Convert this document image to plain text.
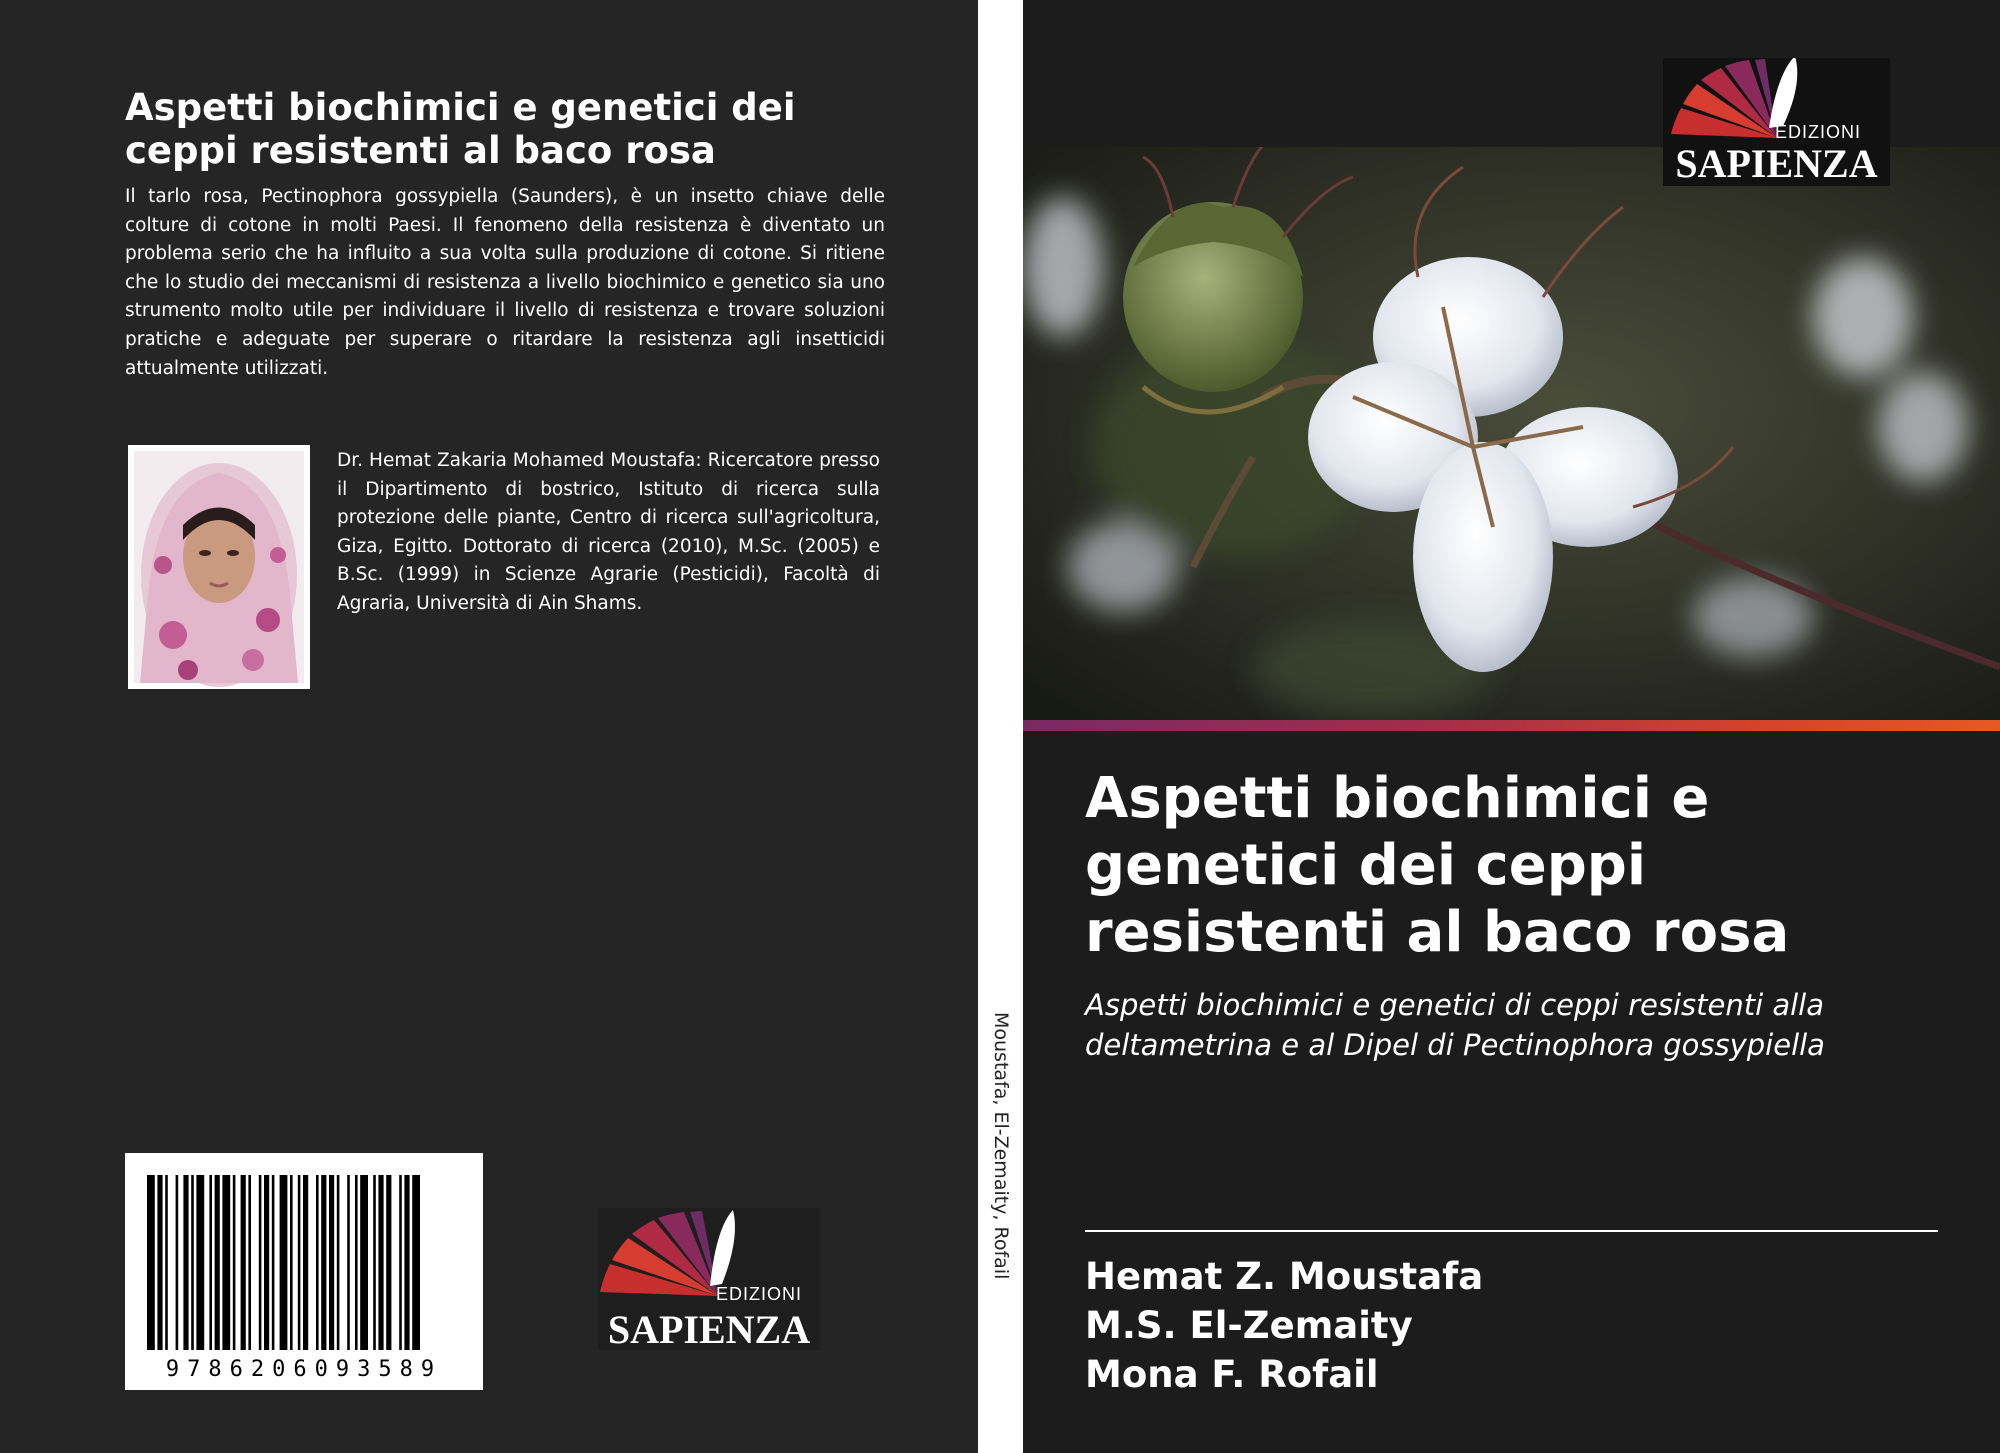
Aspetti biochimici e genetici dei ceppi resistenti al baco rosa

Il tarlo rosa, Pectinophora gossypiella (Saunders), è un insetto chiave delle colture di cotone in molti Paesi. Il fenomeno della resistenza è diventato un problema serio che ha influito a sua volta sulla produzione di cotone. Si ritiene che lo studio dei meccanismi di resistenza a livello biochimico e genetico sia uno strumento molto utile per individuare il livello di resistenza e trovare soluzioni pratiche e adeguate per superare o ritardare la resistenza agli insetticidi attualmente utilizzati.

Dr. Hemat Zakaria Mohamed Moustafa: Ricercatore presso il Dipartimento di bostrico, Istituto di ricerca sulla protezione delle piante, Centro di ricerca sull'agricoltura, Giza, Egitto. Dottorato di ricerca (2010), M.Sc. (2005) e B.Sc. (1999) in Scienze Agrarie (Pesticidi), Facoltà di Agraria, Università di Ain Shams.

9786206093589
EDIZIONI
SAPIENZA
Moustafa, El-Zemaity, Rofail
EDIZIONI
SAPIENZA
Aspetti biochimici e genetici dei ceppi resistenti al baco rosa

Aspetti biochimici e genetici di ceppi resistenti alla deltametrina e al Dipel di Pectinophora gossypiella

Hemat Z. Moustafa
M.S. El-Zemaity
Mona F. Rofail
